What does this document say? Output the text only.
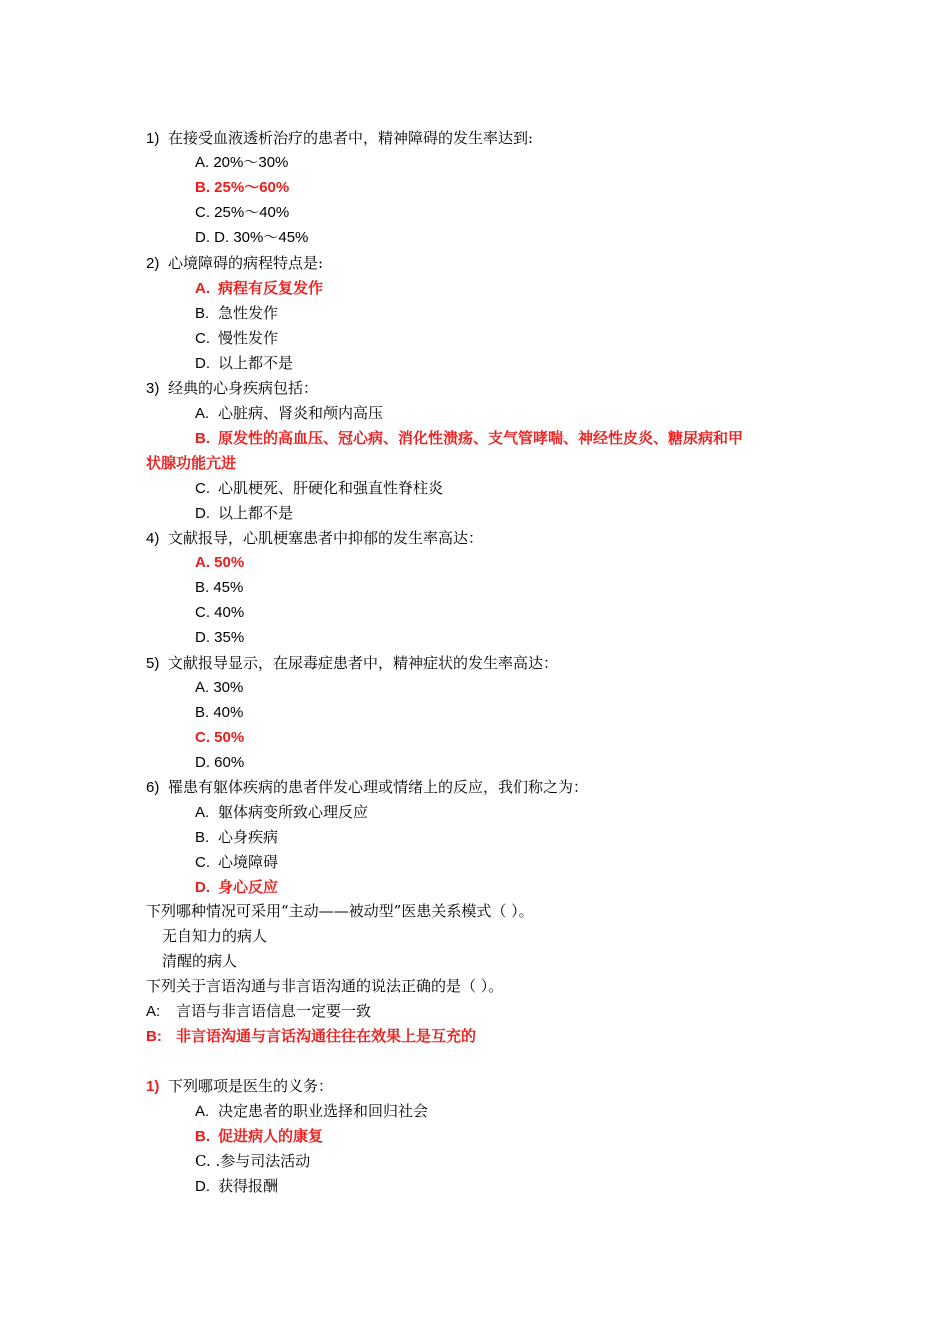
1) 在接受血液透析治疗的患者中，精神障碍的发生率达到:
A. 20%～30%
B. 25%～60%
C. 25%～40%
D. D. 30%～45%
2) 心境障碍的病程特点是:
A. 病程有反复发作
B. 急性发作
C. 慢性发作
D. 以上都不是
3) 经典的心身疾病包括：
A. 心脏病、肾炎和颅内高压
B. 原发性的高血压、冠心病、消化性溃疡、支气管哮喘、神经性皮炎、糖尿病和甲
状腺功能亢进
C. 心肌梗死、肝硬化和强直性脊柱炎
D. 以上都不是
4) 文献报导，心肌梗塞患者中抑郁的发生率高达：
A. 50%
B. 45%
C. 40%
D. 35%
5) 文献报导显示，在尿毒症患者中，精神症状的发生率高达：
A. 30%
B. 40%
C. 50%
D. 60%
6) 罹患有躯体疾病的患者伴发心理或情绪上的反应，我们称之为：
A. 躯体病变所致心理反应
B. 心身疾病
C. 心境障碍
D. 身心反应
下列哪种情况可采用“主动——被动型”医患关系模式（ ）。
无自知力的病人
清醒的病人
下列关于言语沟通与非言语沟通的说法正确的是（ ）。
A: 言语与非言语信息一定要一致
B: 非言语沟通与言话沟通往往在效果上是互充的
1) 下列哪项是医生的义务：
A. 决定患者的职业选择和回归社会
B. 促进病人的康复
C. .参与司法活动
D. 获得报酬
